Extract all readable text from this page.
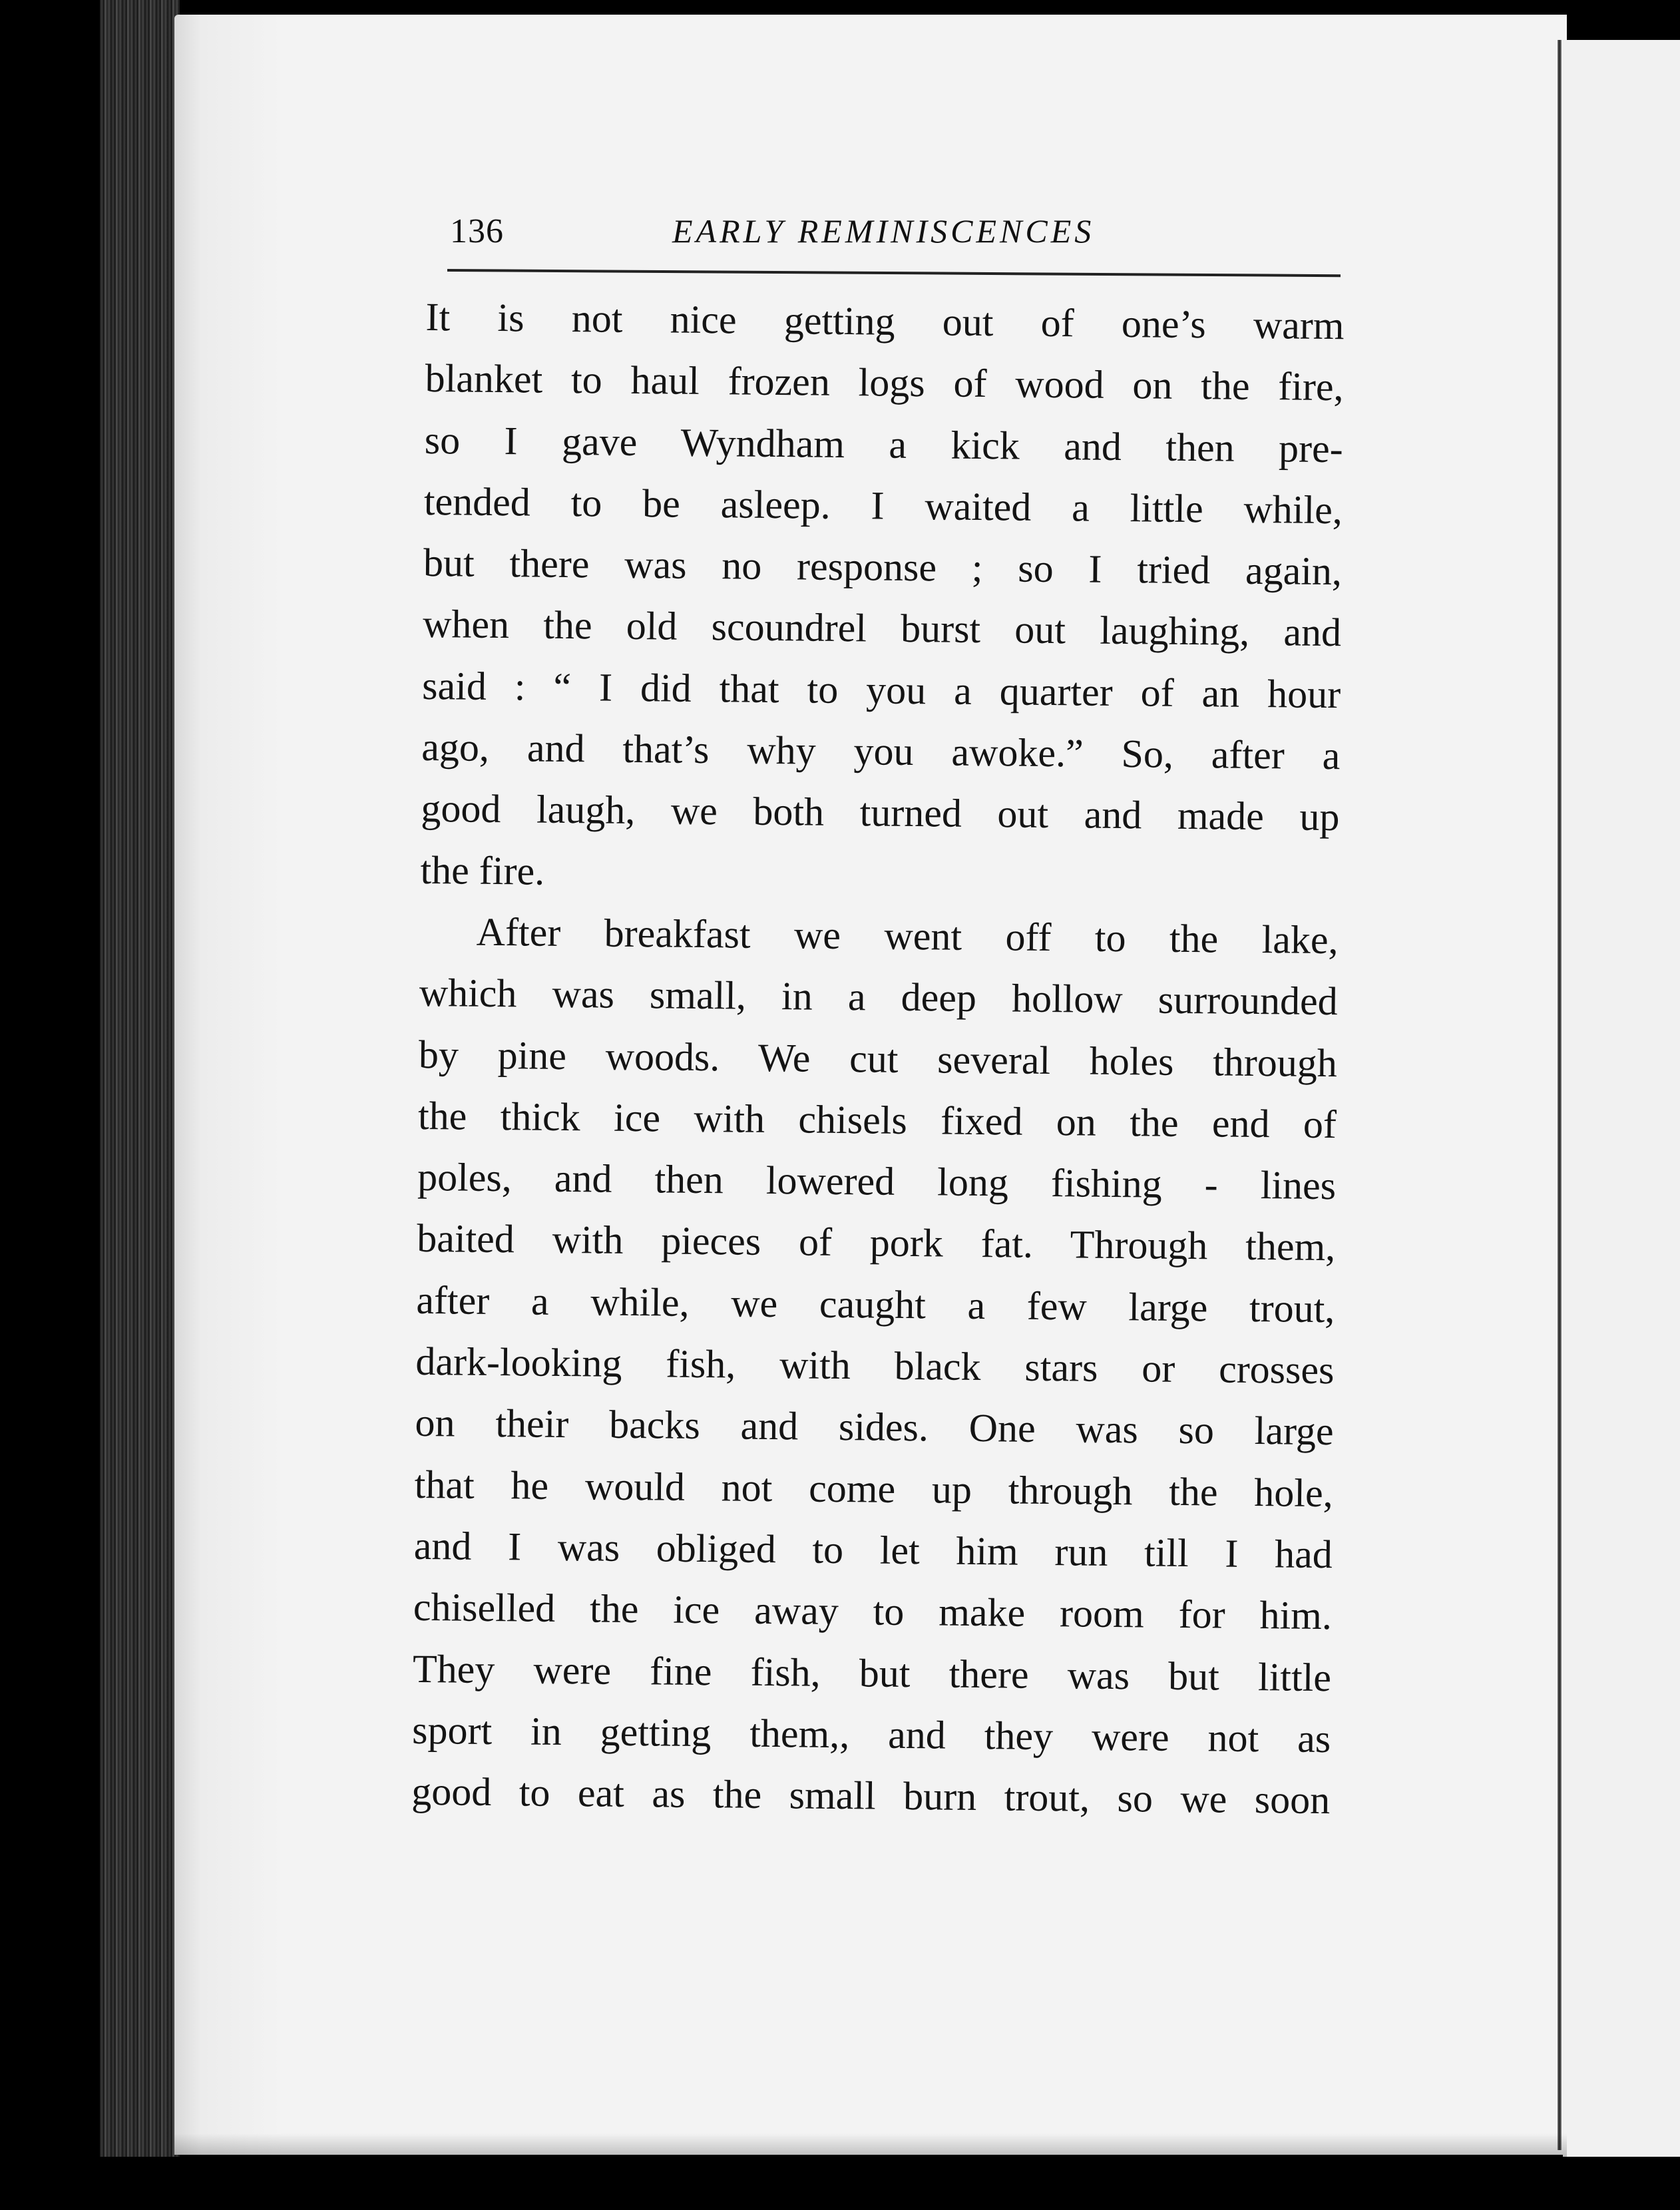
136	EARLY REMINISCENCES
It is not nice getting out of one’s warm
blanket to haul frozen logs of wood on the fire,
so I gave Wyndham a kick and then pre-
tended to be asleep. I waited a little while,
but there was no response ; so I tried again,
when the old scoundrel burst out laughing, and
said : “ I did that to you a quarter of an hour
ago, and that’s why you awoke.” So, after a
good laugh, we both turned out and made up
the fire.
After breakfast we went off to the lake,
which was small, in a deep hollow surrounded
by pine woods. We cut several holes through
the thick ice with chisels fixed on the end of
poles, and then lowered long fishing - lines
baited with pieces of pork fat. Through them,
after a while, we caught a few large trout,
dark-looking fish, with black stars or crosses
on their backs and sides. One was so large
that he would not come up through the hole,
and I was obliged to let him run till I had
chiselled the ice away to make room for him.
They were fine fish, but there was but little
sport in getting them,, and they were not as
good to eat as the small burn trout, so we soon
